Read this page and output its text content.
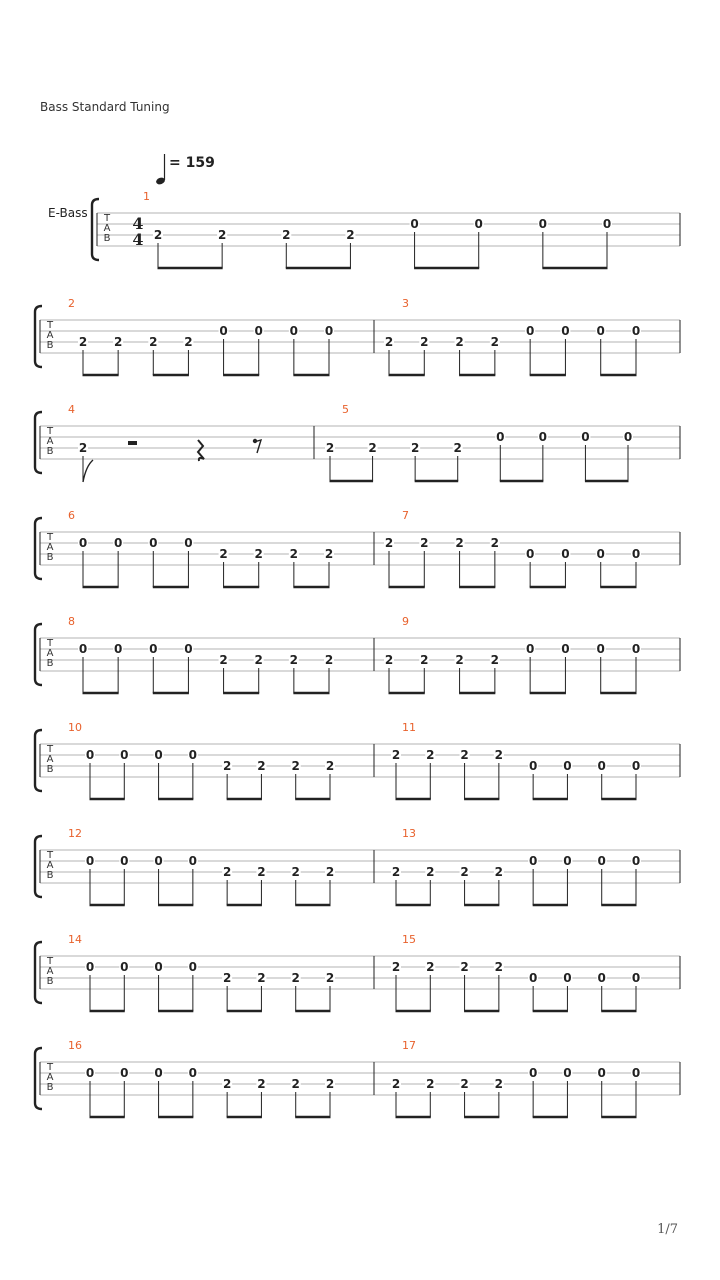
Bass Standard Tuning
= 159
T
A
B
E-Bass
4
4
1
2	2	2	2
0	0	0	0
T
A
B
2
2 2 2 2
0 0 0 0
3
2 2 2 2
0 0 0 0
T
A
B
4
2
5
2	2	2	2
0	0	0	0
T
A
B
6
0 0 0 0
2 2 2 2
7
2 2 2 2
0 0 0 0
T
A
B
8
0 0 0 0
2 2 2 2
9
2 2 2 2
0 0 0 0
T
A
B
10
0 0 0 0
2 2 2 2
11
2 2 2 2
0 0 0 0
T
A
B
12
0 0 0 0
2 2 2 2
13
2 2 2 2
0 0 0 0
T
A
B
14
0 0 0 0
2 2 2 2
15
2 2 2 2
0 0 0 0
T
A
B
16
0 0 0 0
2 2 2 2
17
2 2 2 2
0 0 0 0
1/7
